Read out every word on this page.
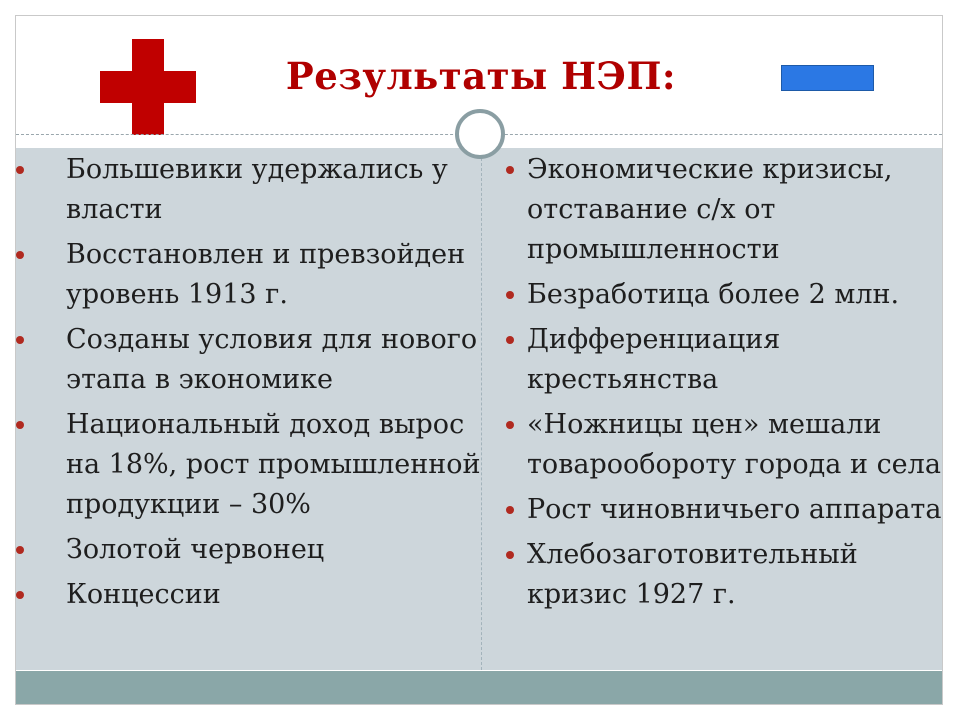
Результаты НЭП:
Большевики удержались у власти
Восстановлен и превзойден уровень 1913 г.
Созданы условия для нового этапа в экономике
Национальный доход вырос на 18%, рост промышленной продукции – 30%
Золотой червонец
Концессии
Экономические кризисы, отставание с/х от промышленности
Безработица более 2 млн.
Дифференциация крестьянства
«Ножницы цен» мешали товарообороту города и села
Рост чиновничьего аппарата
Хлебозаготовительный кризис 1927 г.
